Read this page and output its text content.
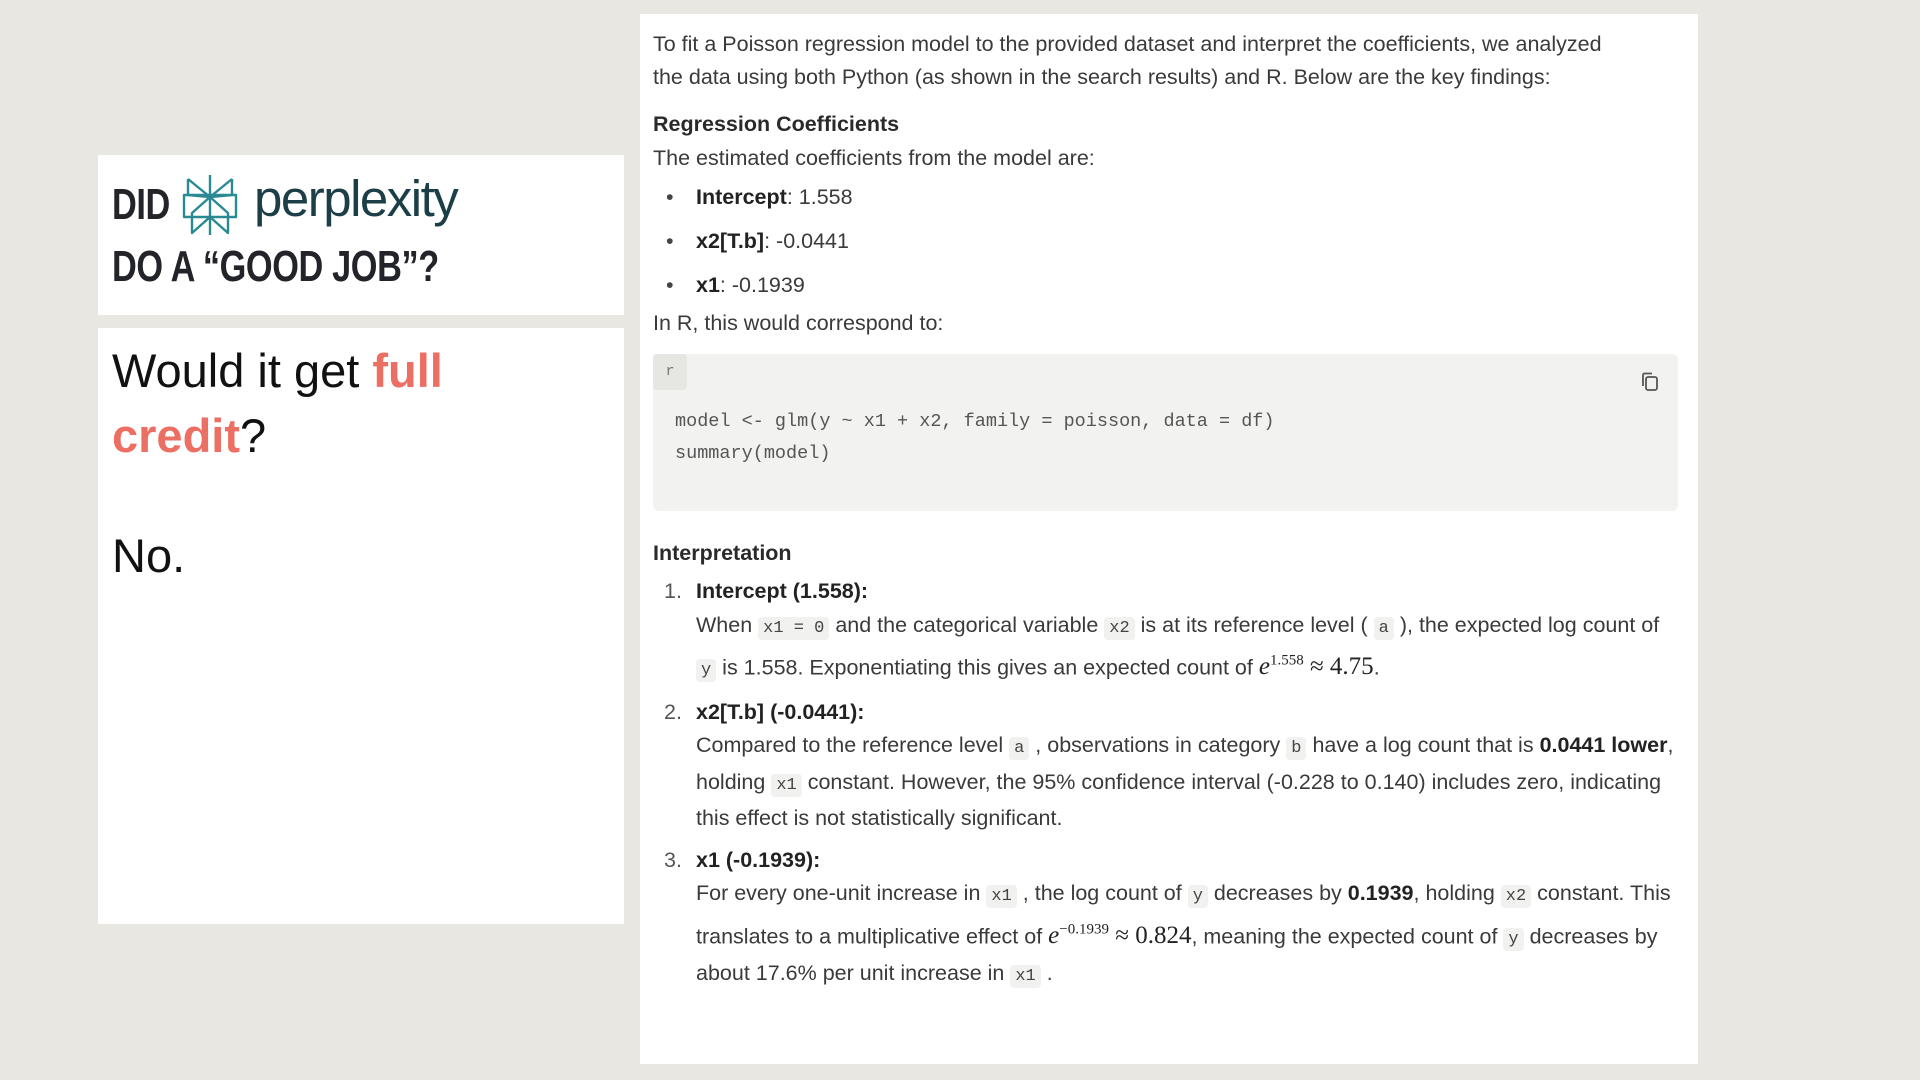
DID perplexity
DO A “GOOD JOB”?
Would it get full
credit?
No.

To fit a Poisson regression model to the provided dataset and interpret the coefficients, we analyzed the data using both Python (as shown in the search results) and R. Below are the key findings:

Regression Coefficients

The estimated coefficients from the model are:

• Intercept: 1.558
• x2[T.b]: -0.0441
• x1: -0.1939

In R, this would correspond to:

r
model <- glm(y ~ x1 + x2, family = poisson, data = df)
summary(model)
Interpretation
1. Intercept (1.558):
When x1 = 0 and the categorical variable x2 is at its reference level ( a ), the expected log count of y is 1.558. Exponentiating this gives an expected count of $e^{1.558} \approx 4.75$.
2. x2[T.b] (-0.0441):
Compared to the reference level a , observations in category b have a log count that is 0.0441 lower, holding x1 constant. However, the 95% confidence interval (-0.228 to 0.140) includes zero, indicating this effect is not statistically significant.
3. x1 (-0.1939):
For every one-unit increase in x1 , the log count of y decreases by 0.1939, holding x2 constant. This translates to a multiplicative effect of $e^{-0.1939} \approx 0.824$, meaning the expected count of y decreases by about 17.6% per unit increase in x1 .
